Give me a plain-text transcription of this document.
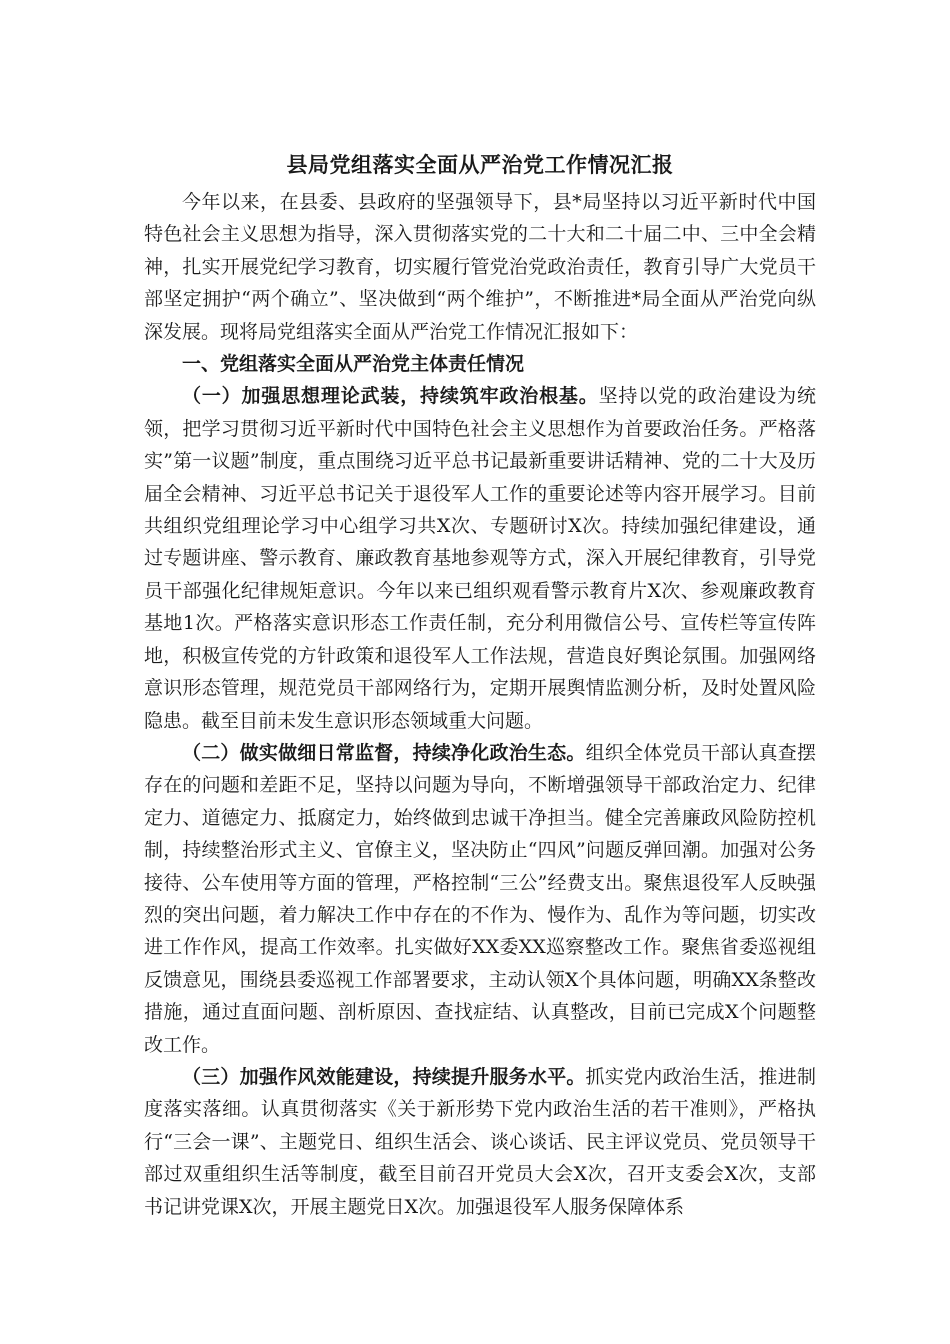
县局党组落实全面从严治党工作情况汇报

今年以来，在县委、县政府的坚强领导下，县*局坚持以习近平新时代中国特色社会主义思想为指导，深入贯彻落实党的二十大和二十届二中、三中全会精神，扎实开展党纪学习教育，切实履行管党治党政治责任，教育引导广大党员干部坚定拥护“两个确立”、坚决做到“两个维护”，不断推进*局全面从严治党向纵深发展。现将局党组落实全面从严治党工作情况汇报如下：

一、党组落实全面从严治党主体责任情况

（一）加强思想理论武装，持续筑牢政治根基。坚持以党的政治建设为统领，把学习贯彻习近平新时代中国特色社会主义思想作为首要政治任务。严格落实”第一议题”制度，重点围绕习近平总书记最新重要讲话精神、党的二十大及历届全会精神、习近平总书记关于退役军人工作的重要论述等内容开展学习。目前共组织党组理论学习中心组学习共X次、专题研讨X次。持续加强纪律建设，通过专题讲座、警示教育、廉政教育基地参观等方式，深入开展纪律教育，引导党员干部强化纪律规矩意识。今年以来已组织观看警示教育片X次、参观廉政教育基地1次。严格落实意识形态工作责任制，充分利用微信公号、宣传栏等宣传阵地，积极宣传党的方针政策和退役军人工作法规，营造良好舆论氛围。加强网络意识形态管理，规范党员干部网络行为，定期开展舆情监测分析，及时处置风险隐患。截至目前未发生意识形态领域重大问题。

（二）做实做细日常监督，持续净化政治生态。组织全体党员干部认真查摆存在的问题和差距不足，坚持以问题为导向，不断增强领导干部政治定力、纪律定力、道德定力、抵腐定力，始终做到忠诚干净担当。健全完善廉政风险防控机制，持续整治形式主义、官僚主义，坚决防止“四风”问题反弹回潮。加强对公务接待、公车使用等方面的管理，严格控制“三公”经费支出。聚焦退役军人反映强烈的突出问题，着力解决工作中存在的不作为、慢作为、乱作为等问题，切实改进工作作风，提高工作效率。扎实做好XX委XX巡察整改工作。聚焦省委巡视组反馈意见，围绕县委巡视工作部署要求，主动认领X个具体问题，明确XX条整改措施，通过直面问题、剖析原因、查找症结、认真整改，目前已完成X个问题整改工作。

（三）加强作风效能建设，持续提升服务水平。抓实党内政治生活，推进制度落实落细。认真贯彻落实《关于新形势下党内政治生活的若干准则》，严格执行“三会一课”、主题党日、组织生活会、谈心谈话、民主评议党员、党员领导干部过双重组织生活等制度，截至目前召开党员大会X次，召开支委会X次，支部书记讲党课X次，开展主题党日X次。加强退役军人服务保障体系
